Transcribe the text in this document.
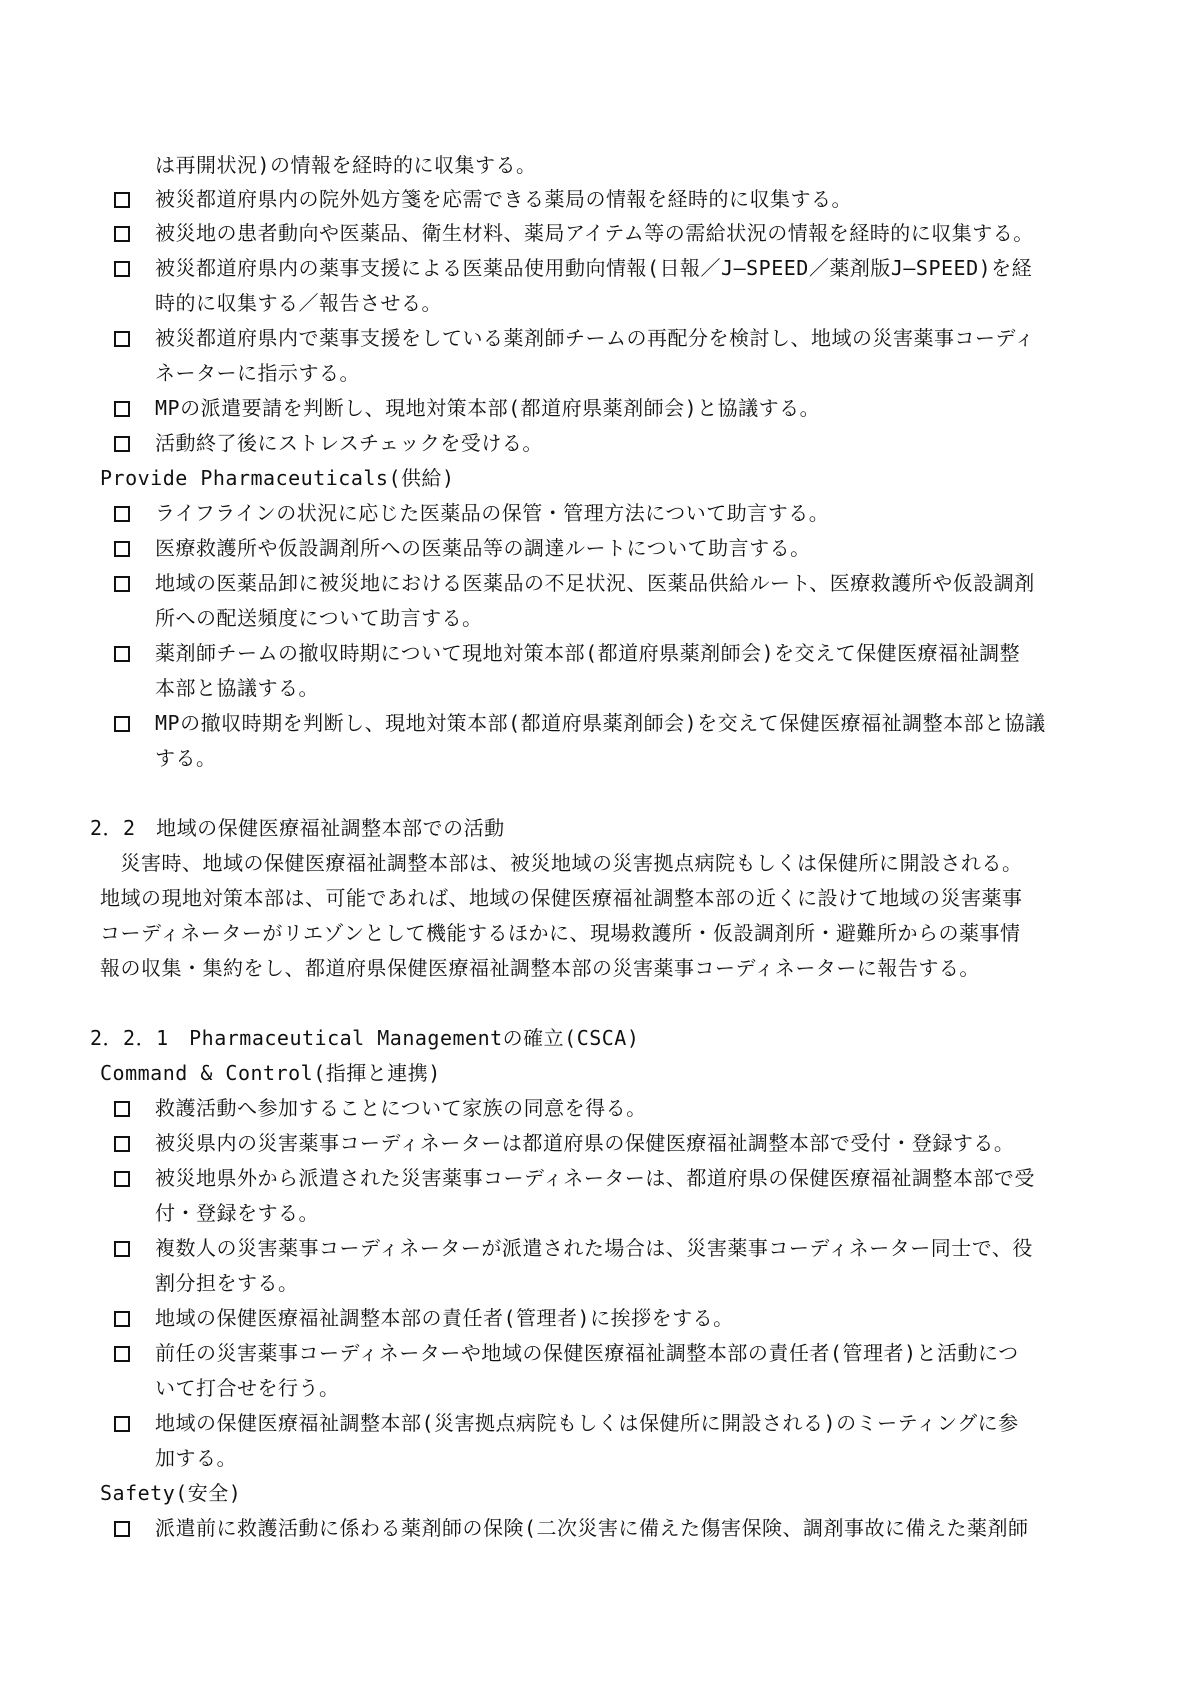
は再開状況)の情報を経時的に収集する。
被災都道府県内の院外処方箋を応需できる薬局の情報を経時的に収集する。
被災地の患者動向や医薬品、衛生材料、薬局アイテム等の需給状況の情報を経時的に収集する。
被災都道府県内の薬事支援による医薬品使用動向情報(日報／J―SPEED／薬剤版J―SPEED)を経
時的に収集する／報告させる。
被災都道府県内で薬事支援をしている薬剤師チームの再配分を検討し、地域の災害薬事コーディ
ネーターに指示する。
MPの派遣要請を判断し、現地対策本部(都道府県薬剤師会)と協議する。
活動終了後にストレスチェックを受ける。
Provide Pharmaceuticals(供給)
ライフラインの状況に応じた医薬品の保管・管理方法について助言する。
医療救護所や仮設調剤所への医薬品等の調達ルートについて助言する。
地域の医薬品卸に被災地における医薬品の不足状況、医薬品供給ルート、医療救護所や仮設調剤
所への配送頻度について助言する。
薬剤師チームの撤収時期について現地対策本部(都道府県薬剤師会)を交えて保健医療福祉調整
本部と協議する。
MPの撤収時期を判断し、現地対策本部(都道府県薬剤師会)を交えて保健医療福祉調整本部と協議
する。
2．2　地域の保健医療福祉調整本部での活動
　災害時、地域の保健医療福祉調整本部は、被災地域の災害拠点病院もしくは保健所に開設される。
地域の現地対策本部は、可能であれば、地域の保健医療福祉調整本部の近くに設けて地域の災害薬事
コーディネーターがリエゾンとして機能するほかに、現場救護所・仮設調剤所・避難所からの薬事情
報の収集・集約をし、都道府県保健医療福祉調整本部の災害薬事コーディネーターに報告する。
2．2．1　Pharmaceutical Managementの確立(CSCA)
Command & Control(指揮と連携)
救護活動へ参加することについて家族の同意を得る。
被災県内の災害薬事コーディネーターは都道府県の保健医療福祉調整本部で受付・登録する。
被災地県外から派遣された災害薬事コーディネーターは、都道府県の保健医療福祉調整本部で受
付・登録をする。
複数人の災害薬事コーディネーターが派遣された場合は、災害薬事コーディネーター同士で、役
割分担をする。
地域の保健医療福祉調整本部の責任者(管理者)に挨拶をする。
前任の災害薬事コーディネーターや地域の保健医療福祉調整本部の責任者(管理者)と活動につ
いて打合せを行う。
地域の保健医療福祉調整本部(災害拠点病院もしくは保健所に開設される)のミーティングに参
加する。
Safety(安全)
派遣前に救護活動に係わる薬剤師の保険(二次災害に備えた傷害保険、調剤事故に備えた薬剤師
